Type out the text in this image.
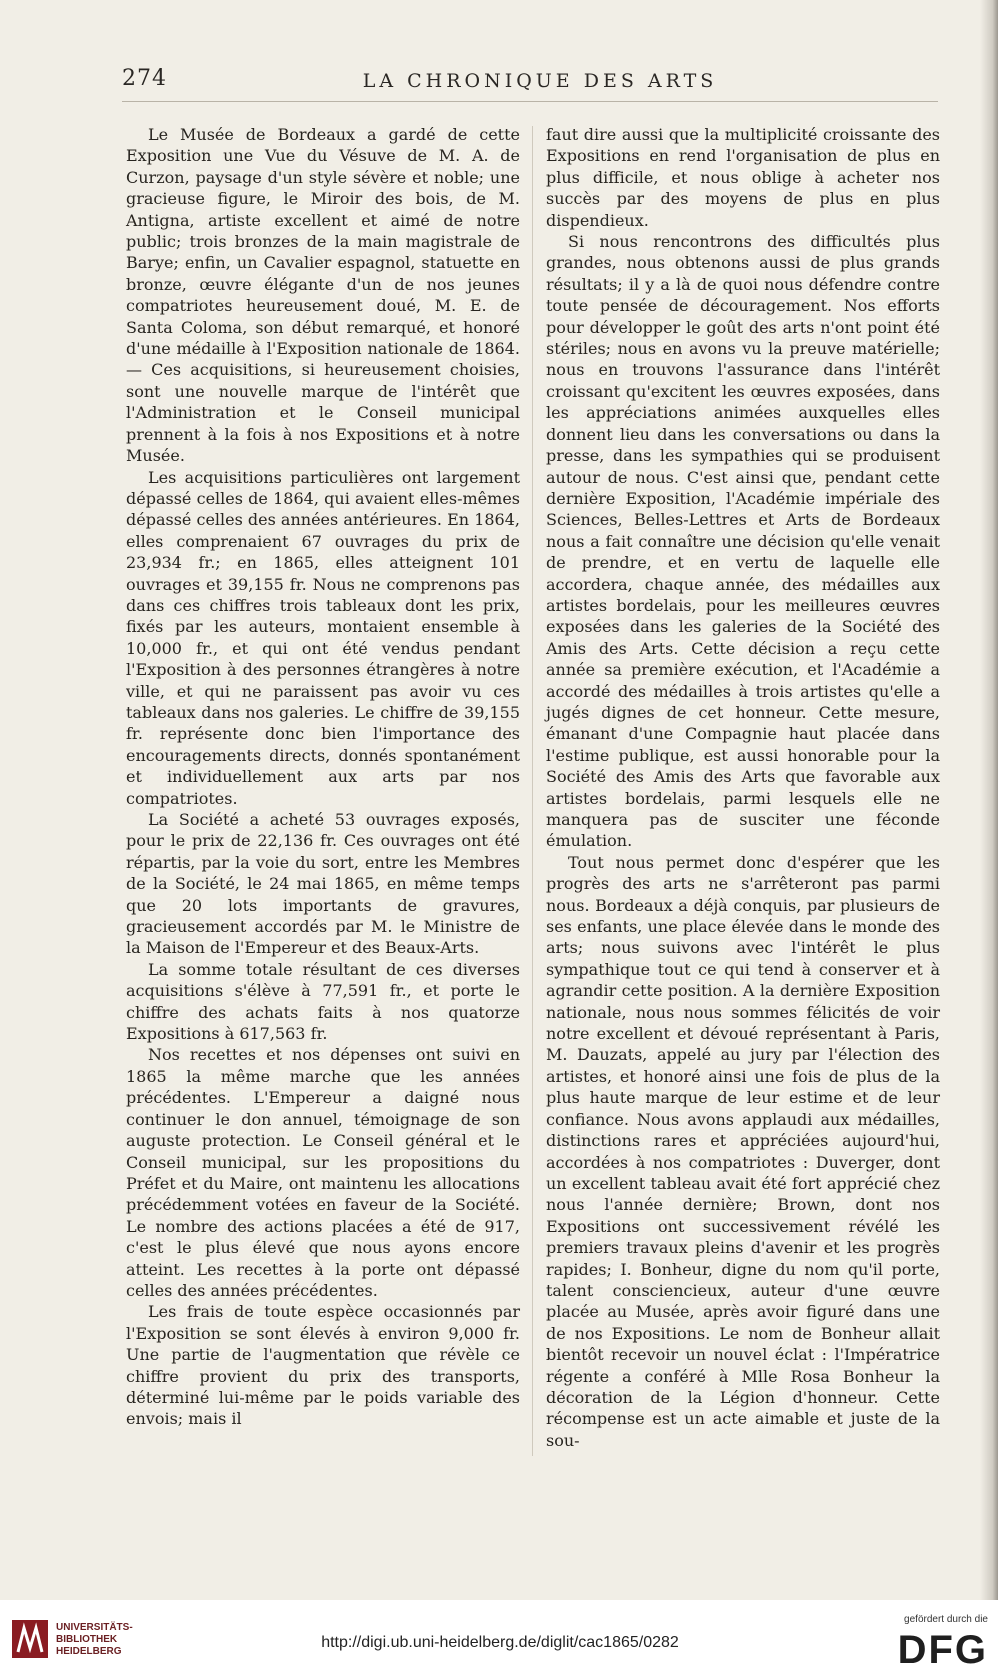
274	LA CHRONIQUE DES ARTS

Le Musée de Bordeaux a gardé de cette Exposition une Vue du Vésuve de M. A. de Curzon, paysage d'un style sévère et noble; une gracieuse figure, le Miroir des bois, de M. Antigna, artiste excellent et aimé de notre public; trois bronzes de la main magistrale de Barye; enfin, un Cavalier espagnol, statuette en bronze, œuvre élégante d'un de nos jeunes compatriotes heureusement doué, M. E. de Santa Coloma, son début remarqué, et honoré d'une médaille à l'Exposition nationale de 1864. — Ces acquisitions, si heureusement choisies, sont une nouvelle marque de l'intérêt que l'Administration et le Conseil municipal prennent à la fois à nos Expositions et à notre Musée.

Les acquisitions particulières ont largement dépassé celles de 1864, qui avaient elles-mêmes dépassé celles des années antérieures. En 1864, elles comprenaient 67 ouvrages du prix de 23,934 fr.; en 1865, elles atteignent 101 ouvrages et 39,155 fr. Nous ne comprenons pas dans ces chiffres trois tableaux dont les prix, fixés par les auteurs, montaient ensemble à 10,000 fr., et qui ont été vendus pendant l'Exposition à des personnes étrangères à notre ville, et qui ne paraissent pas avoir vu ces tableaux dans nos galeries. Le chiffre de 39,155 fr. représente donc bien l'importance des encouragements directs, donnés spontanément et individuellement aux arts par nos compatriotes.

La Société a acheté 53 ouvrages exposés, pour le prix de 22,136 fr. Ces ouvrages ont été répartis, par la voie du sort, entre les Membres de la Société, le 24 mai 1865, en même temps que 20 lots importants de gravures, gracieusement accordés par M. le Ministre de la Maison de l'Empereur et des Beaux-Arts.

La somme totale résultant de ces diverses acquisitions s'élève à 77,591 fr., et porte le chiffre des achats faits à nos quatorze Expositions à 617,563 fr.

Nos recettes et nos dépenses ont suivi en 1865 la même marche que les années précédentes. L'Empereur a daigné nous continuer le don annuel, témoignage de son auguste protection. Le Conseil général et le Conseil municipal, sur les propositions du Préfet et du Maire, ont maintenu les allocations précédemment votées en faveur de la Société. Le nombre des actions placées a été de 917, c'est le plus élevé que nous ayons encore atteint. Les recettes à la porte ont dépassé celles des années précédentes.

Les frais de toute espèce occasionnés par l'Exposition se sont élevés à environ 9,000 fr. Une partie de l'augmentation que révèle ce chiffre provient du prix des transports, déterminé lui-même par le poids variable des envois; mais il

faut dire aussi que la multiplicité croissante des Expositions en rend l'organisation de plus en plus difficile, et nous oblige à acheter nos succès par des moyens de plus en plus dispendieux.

Si nous rencontrons des difficultés plus grandes, nous obtenons aussi de plus grands résultats; il y a là de quoi nous défendre contre toute pensée de découragement. Nos efforts pour développer le goût des arts n'ont point été stériles; nous en avons vu la preuve matérielle; nous en trouvons l'assurance dans l'intérêt croissant qu'excitent les œuvres exposées, dans les appréciations animées auxquelles elles donnent lieu dans les conversations ou dans la presse, dans les sympathies qui se produisent autour de nous. C'est ainsi que, pendant cette dernière Exposition, l'Académie impériale des Sciences, Belles-Lettres et Arts de Bordeaux nous a fait connaître une décision qu'elle venait de prendre, et en vertu de laquelle elle accordera, chaque année, des médailles aux artistes bordelais, pour les meilleures œuvres exposées dans les galeries de la Société des Amis des Arts. Cette décision a reçu cette année sa première exécution, et l'Académie a accordé des médailles à trois artistes qu'elle a jugés dignes de cet honneur. Cette mesure, émanant d'une Compagnie haut placée dans l'estime publique, est aussi honorable pour la Société des Amis des Arts que favorable aux artistes bordelais, parmi lesquels elle ne manquera pas de susciter une féconde émulation.

Tout nous permet donc d'espérer que les progrès des arts ne s'arrêteront pas parmi nous. Bordeaux a déjà conquis, par plusieurs de ses enfants, une place élevée dans le monde des arts; nous suivons avec l'intérêt le plus sympathique tout ce qui tend à conserver et à agrandir cette position. A la dernière Exposition nationale, nous nous sommes félicités de voir notre excellent et dévoué représentant à Paris, M. Dauzats, appelé au jury par l'élection des artistes, et honoré ainsi une fois de plus de la plus haute marque de leur estime et de leur confiance. Nous avons applaudi aux médailles, distinctions rares et appréciées aujourd'hui, accordées à nos compatriotes : Duverger, dont un excellent tableau avait été fort apprécié chez nous l'année dernière; Brown, dont nos Expositions ont successivement révélé les premiers travaux pleins d'avenir et les progrès rapides; I. Bonheur, digne du nom qu'il porte, talent consciencieux, auteur d'une œuvre placée au Musée, après avoir figuré dans une de nos Expositions. Le nom de Bonheur allait bientôt recevoir un nouvel éclat : l'Impératrice régente a conféré à Mlle Rosa Bonheur la décoration de la Légion d'honneur. Cette récompense est un acte aimable et juste de la sou-

UNIVERSITÄTS-
BIBLIOTHEK
HEIDELBERG
http://digi.ub.uni-heidelberg.de/diglit/cac1865/0282
gefördert durch die
DFG
